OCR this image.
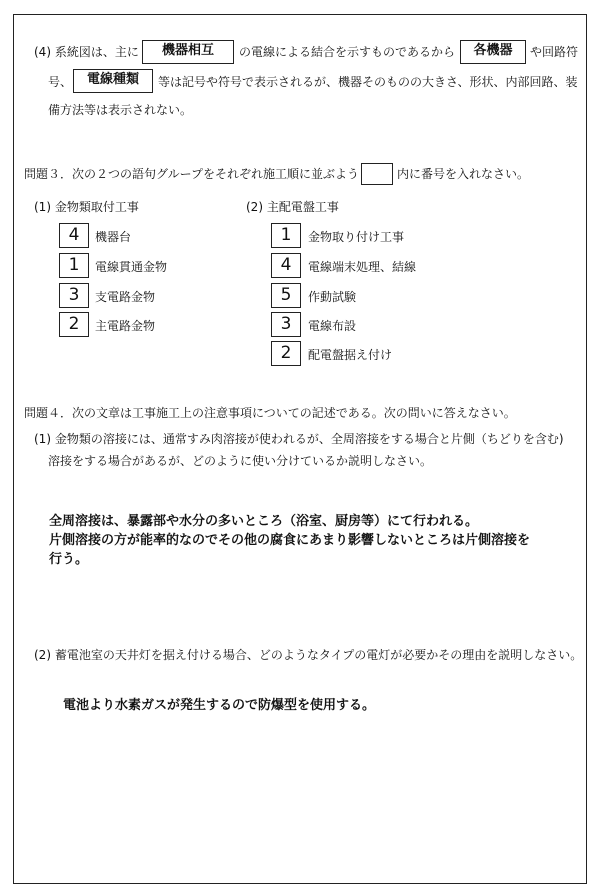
(4) 系統図は、主に	機器相互	の電線による結合を示すものであるから	各機器	や回路符
号、	電線種類	等は記号や符号で表示されるが、機器そのものの大きさ、形状、内部回路、装
備方法等は表示されない。
問題３．次の２つの語句グループをそれぞれ施工順に並ぶよう	内に番号を入れなさい。
(1) 金物類取付工事	(2) 主配電盤工事
4	機器台
1	電線貫通金物
3	支電路金物
2	主電路金物
1	金物取り付け工事
4	電線端末処理、結線
5	作動試験
3	電線布設
2	配電盤据え付け
問題４．次の文章は工事施工上の注意事項についての記述である。次の問いに答えなさい。
(1) 金物類の溶接には、通常すみ肉溶接が使われるが、全周溶接をする場合と片側（ちどりを含む)
溶接をする場合があるが、どのように使い分けているか説明しなさい。
全周溶接は、暴露部や水分の多いところ（浴室、厨房等）にて行われる。
片側溶接の方が能率的なのでその他の腐食にあまり影響しないところは片側溶接を
行う。
(2) 蓄電池室の天井灯を据え付ける場合、どのようなタイプの電灯が必要かその理由を説明しなさい。
電池より水素ガスが発生するので防爆型を使用する。
